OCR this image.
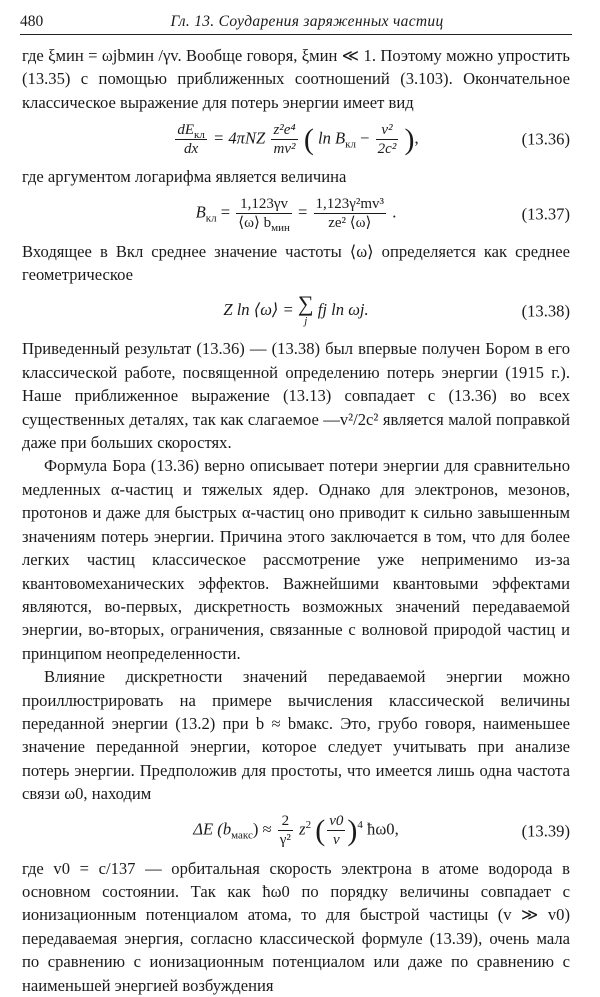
480	Гл. 13. Соударения заряженных частиц

где ξмин = ωjbмин /γv. Вообще говоря, ξмин ≪ 1. Поэтому можно упростить (13.35) с помощью приближенных соотношений (3.103). Окончательное классическое выражение для потерь энергии имеет вид

$\frac{dE_{кл}}{dx} = 4\pi NZ \frac{\text{z²e⁴}}{\text{mv²}}$ ( $\ln B_{кл} - \frac{\text{v²}}{\text{2c²}}$ ),	(13.36)

где аргументом логарифма является величина

$B_{кл} = \frac{1,123\gamma v}{⟨\omega⟩ b_{мин}} = \frac{\text{1,123γ²mv³}}{\text{ze² ⟨ω⟩}}$ .	(13.37)

Входящее в Bкл среднее значение частоты ⟨ω⟩ определяется как среднее геометрическое

Z ln ⟨ω⟩ = ∑
j
fj ln ωj.	(13.38)

Приведенный результат (13.36) — (13.38) был впервые получен Бором в его классической работе, посвященной определению потерь энергии (1915 г.). Наше приближенное выражение (13.13) совпадает с (13.36) во всех существенных деталях, так как слагаемое —v²/2c² является малой поправкой даже при больших скоростях.

Формула Бора (13.36) верно описывает потери энергии для сравнительно медленных α-частиц и тяжелых ядер. Однако для электронов, мезонов, протонов и даже для быстрых α-частиц оно приводит к сильно завышенным значениям потерь энергии. Причина этого заключается в том, что для более легких частиц классическое рассмотрение уже неприменимо из-за квантовомеханических эффектов. Важнейшими квантовыми эффектами являются, во-первых, дискретность возможных значений передаваемой энергии, во-вторых, ограничения, связанные с волновой природой частиц и принципом неопределенности.

Влияние дискретности значений передаваемой энергии можно проиллюстрировать на примере вычисления классической величины переданной энергии (13.2) при b ≈ bмакс. Это, грубо говоря, наименьшее значение переданной энергии, которое следует учитывать при анализе потерь энергии. Предположив для простоты, что имеется лишь одна частота связи ω0, находим

ΔE $(b_{макс}) \approx \frac{2}{\text{γ²}} z^2$ ( $\frac{v0}{v} )^4$ ħω0,	(13.39)

где v0 = c/137 — орбитальная скорость электрона в атоме водорода в основном состоянии. Так как ħω0 по порядку величины совпадает с ионизационным потенциалом атома, то для быстрой частицы (v ≫ v0) передаваемая энергия, согласно классической формуле (13.39), очень мала по сравнению с ионизационным потенциалом или даже по сравнению с наименьшей энергией возбуждения
